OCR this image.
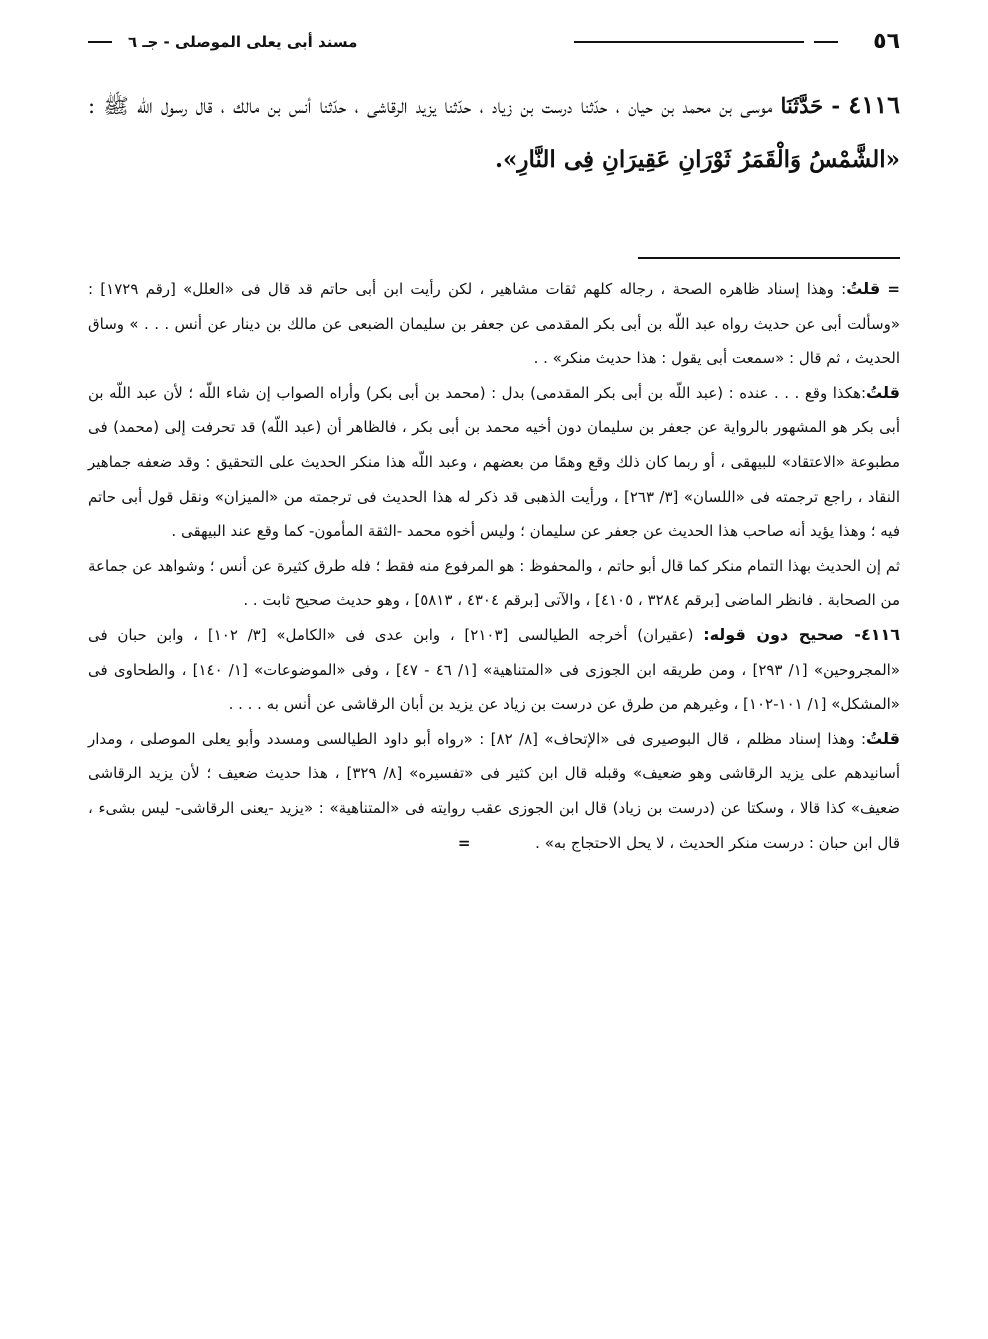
٥٦
مسند أبى يعلى الموصلى - جـ ٦

٤١١٦ - حَدَّثَنَا موسى بن محمد بن حيان ، حدّثنا درست بن زياد ، حدّثنا يزيد الرقاشى ، حدّثنا أنس بن مالك ، قال رسول اللّه ﷺ : «الشَّمْسُ وَالْقَمَرُ ثَوْرَانِ عَقِيرَانِ فِى النَّارِ».

= قلتُ: وهذا إسناد ظاهره الصحة ، رجاله كلهم ثقات مشاهير ، لكن رأيت ابن أبى حاتم قد قال فى «العلل» [رقم ١٧٢٩] : «وسألت أبى عن حديث رواه عبد اللّه بن أبى بكر المقدمى عن جعفر بن سليمان الضبعى عن مالك بن دينار عن أنس . . . » وساق الحديث ، ثم قال : «سمعت أبى يقول : هذا حديث منكر» . .

قلتُ:هكذا وقع . . . عنده : (عبد اللّه بن أبى بكر المقدمى) بدل : (محمد بن أبى بكر) وأراه الصواب إن شاء اللّه ؛ لأن عبد اللّه بن أبى بكر هو المشهور بالرواية عن جعفر بن سليمان دون أخيه محمد بن أبى بكر ، فالظاهر أن (عبد اللّه) قد تحرفت إلى (محمد) فى مطبوعة «الاعتقاد» للبيهقى ، أو ربما كان ذلك وقع وهمًا من بعضهم ، وعبد اللّه هذا منكر الحديث على التحقيق : وقد ضعفه جماهير النقاد ، راجع ترجمته فى «اللسان» [٣/ ٢٦٣] ، ورأيت الذهبى قد ذكر له هذا الحديث فى ترجمته من «الميزان» ونقل قول أبى حاتم فيه ؛ وهذا يؤيد أنه صاحب هذا الحديث عن جعفر عن سليمان ؛ وليس أخوه محمد -الثقة المأمون- كما وقع عند البيهقى .

ثم إن الحديث بهذا التمام منكر كما قال أبو حاتم ، والمحفوظ : هو المرفوع منه فقط ؛ فله طرق كثيرة عن أنس ؛ وشواهد عن جماعة من الصحابة . فانظر الماضى [برقم ٣٢٨٤ ، ٤١٠٥] ، والآتى [برقم ٤٣٠٤ ، ٥٨١٣] ، وهو حديث صحيح ثابت . .

٤١١٦- صحيح دون قوله: (عقيران) أخرجه الطيالسى [٢١٠٣] ، وابن عدى فى «الكامل» [٣/ ١٠٢] ، وابن حبان فى «المجروحين» [١/ ٢٩٣] ، ومن طريقه ابن الجوزى فى «المتناهية» [١/ ٤٦ - ٤٧] ، وفى «الموضوعات» [١/ ١٤٠] ، والطحاوى فى «المشكل» [١/ ١٠١-١٠٢] ، وغيرهم من طرق عن درست بن زياد عن يزيد بن أبان الرقاشى عن أنس به . . . .

قلتُ: وهذا إسناد مظلم ، قال البوصيرى فى «الإتحاف» [٨/ ٨٢] : «رواه أبو داود الطيالسى ومسدد وأبو يعلى الموصلى ، ومدار أسانيدهم على يزيد الرقاشى وهو ضعيف» وقبله قال ابن كثير فى «تفسيره» [٨/ ٣٢٩] ، هذا حديث ضعيف ؛ لأن يزيد الرقاشى ضعيف» كذا قالا ، وسكتا عن (درست بن زياد) قال ابن الجوزى عقب روايته فى «المتناهية» : «يزيد -يعنى الرقاشى- ليس بشىء ، قال ابن حبان : درست منكر الحديث ، لا يحل الاحتجاج به» . =
